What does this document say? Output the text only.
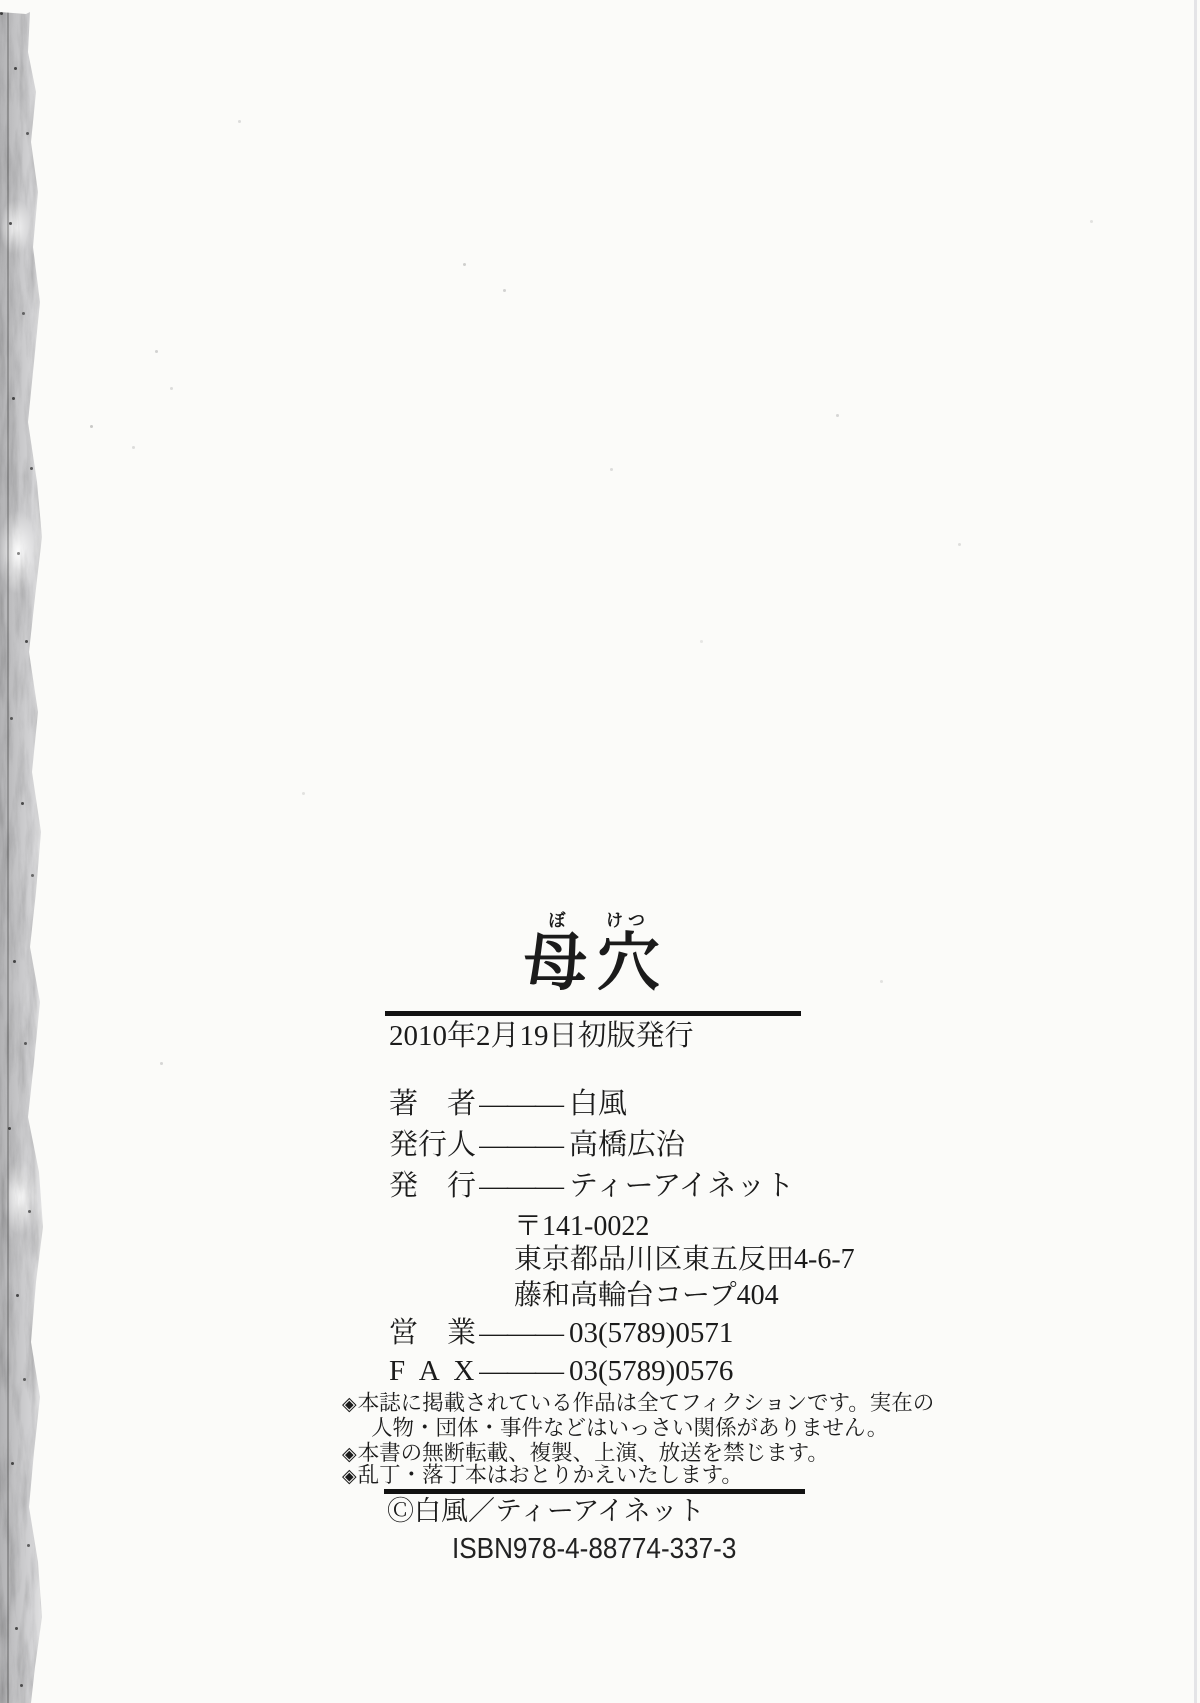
ぼ	けつ
母穴
2010年2月19日初版発行
著　者 ——— 白風
発行人 ——— 高橋広治
発　行 ——— ティーアイネット
〒141-0022
東京都品川区東五反田4-6-7
藤和高輪台コープ404
営　業 ——— 03(5789)0571
F A X ——— 03(5789)0576
◈本誌に掲載されている作品は全てフィクションです。実在の
人物・団体・事件などはいっさい関係がありません。
◈本書の無断転載、複製、上演、放送を禁じます。
◈乱丁・落丁本はおとりかえいたします。
Ⓒ白風／ティーアイネット
ISBN978-4-88774-337-3
